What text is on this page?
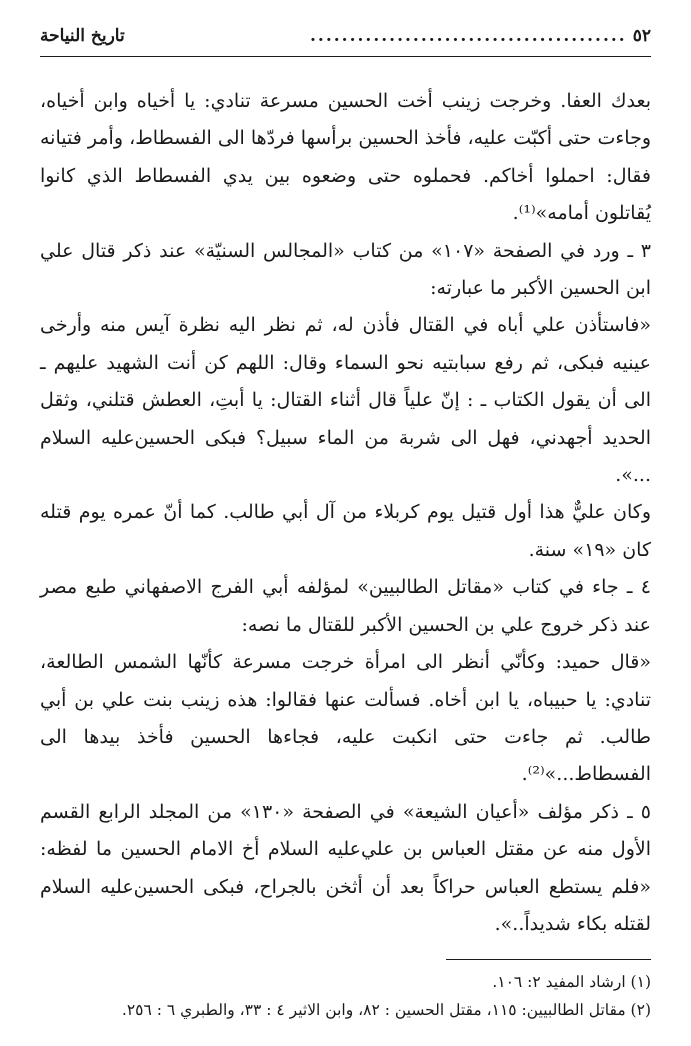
٥٢
........................................
تاريخ النياحة

بعدك العفا. وخرجت زينب أخت الحسين مسرعة تنادي: يا أخياه وابن أخياه، وجاءت حتى أكبّت عليه، فأخذ الحسين برأسها فردّها الى الفسطاط، وأمر فتيانه فقال: احملوا أخاكم. فحملوه حتى وضعوه بين يدي الفسطاط الذي كانوا يُقاتلون أمامه»⁽¹⁾.

٣ ـ ورد في الصفحة «١٠٧» من كتاب «المجالس السنيّة» عند ذكر قتال علي ابن الحسين الأكبر ما عبارته:

«فاستأذن علي أباه في القتال فأذن له، ثم نظر اليه نظرة آيس منه وأرخى عينيه فبكى، ثم رفع سبابتيه نحو السماء وقال: اللهم كن أنت الشهيد عليهم ـ الى أن يقول الكتاب ـ : إنّ علياً قال أثناء القتال: يا أبتِ، العطش قتلني، وثقل الحديد أجهدني، فهل الى شربة من الماء سبيل؟ فبكى الحسين‌عليه السلام ...».

وكان عليٌّ هذا أول قتيل يوم كربلاء من آل أبي طالب. كما أنّ عمره يوم قتله كان «١٩» سنة.

٤ ـ جاء في كتاب «مقاتل الطالبيين» لمؤلفه أبي الفرج الاصفهاني طبع مصر عند ذكر خروج علي بن الحسين الأكبر للقتال ما نصه:

«قال حميد: وكأنّي أنظر الى امرأة خرجت مسرعة كأنّها الشمس الطالعة، تنادي: يا حبيباه، يا ابن أخاه. فسألت عنها فقالوا: هذه زينب بنت علي بن أبي طالب. ثم جاءت حتى انكبت عليه، فجاءها الحسين فأخذ بيدها الى الفسطاط...»⁽²⁾.

٥ ـ ذكر مؤلف «أعيان الشيعة» في الصفحة «١٣٠» من المجلد الرابع القسم الأول منه عن مقتل العباس بن علي‌عليه السلام أخ الامام الحسين ما لفظه: «فلم يستطع العباس حراكاً بعد أن أثخن بالجراح، فبكى الحسين‌عليه السلام لقتله بكاء شديداً..».

(١) ارشاد المفيد ٢: ١٠٦.

(٢) مقاتل الطالبيين: ١١٥، مقتل الحسين : ٨٢، وابن الاثير ٤ : ٣٣، والطبري ٦ : ٢٥٦.
